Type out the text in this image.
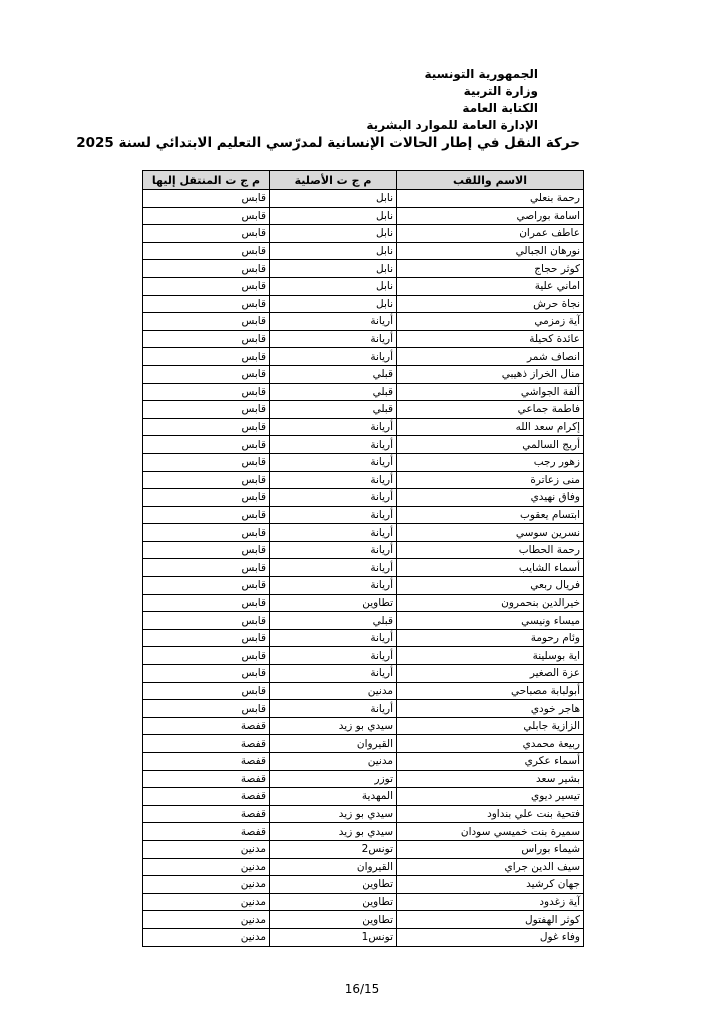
الجمهورية التونسية
وزارة التربية
الكتابة العامة
الإدارة العامة للموارد البشرية
حركة النقل في إطار الحالات الإنسانية لمدرّسي التعليم الابتدائي لسنة 2025
الاسم واللقب	م ج ت الأصلية	م ج ت المنتقل إليها
رحمة بنعلي	نابل	قابس
اسامة بوراصي	نابل	قابس
عاطف عمران	نابل	قابس
نورهان الجبالي	نابل	قابس
كوثر حجاج	نابل	قابس
اماني علية	نابل	قابس
نجاة حرش	نابل	قابس
آية زمزمي	أريانة	قابس
عائدة كحيلة	أريانة	قابس
انصاف شمر	أريانة	قابس
منال الخراز ذهيبي	قبلي	قابس
ألفة الجواشي	قبلي	قابس
فاطمة جماعي	قبلي	قابس
إكرام سعد الله	أريانة	قابس
أريج السالمي	أريانة	قابس
زهور رجب	أريانة	قابس
منى زعاترة	أريانة	قابس
وفاق نهيدي	أريانة	قابس
ابتسام يعقوب	أريانة	قابس
نسرين سوسي	أريانة	قابس
رحمة الحطاب	أريانة	قابس
أسماء الشايب	أريانة	قابس
فريال ربعي	أريانة	قابس
خيرالدين بنحمرون	تطاوين	قابس
ميساء ونيسي	قبلي	قابس
وئام رحومة	أريانة	قابس
اية بوسلينة	أريانة	قابس
عزة الصغير	أريانة	قابس
أبولبابة مصباحي	مدنين	قابس
هاجر خودي	أريانة	قابس
الزازية جابلي	سيدي بو زيد	قفصة
ربيعة محمدي	القيروان	قفصة
أسماء عكري	مدنين	قفصة
بشير سعد	توزر	قفصة
تيسير ديوي	المهدية	قفصة
فتحية بنت علي بنداود	سيدي بو زيد	قفصة
سميرة بنت خميسي سودان	سيدي بو زيد	قفصة
شيماء بوراس	تونس2	مدنين
سيف الدين جراي	القيروان	مدنين
جهان كرشيد	تطاوين	مدنين
آية زغدود	تطاوين	مدنين
كوثر الهفتول	تطاوين	مدنين
وفاء غول	تونس1	مدنين
16/15
